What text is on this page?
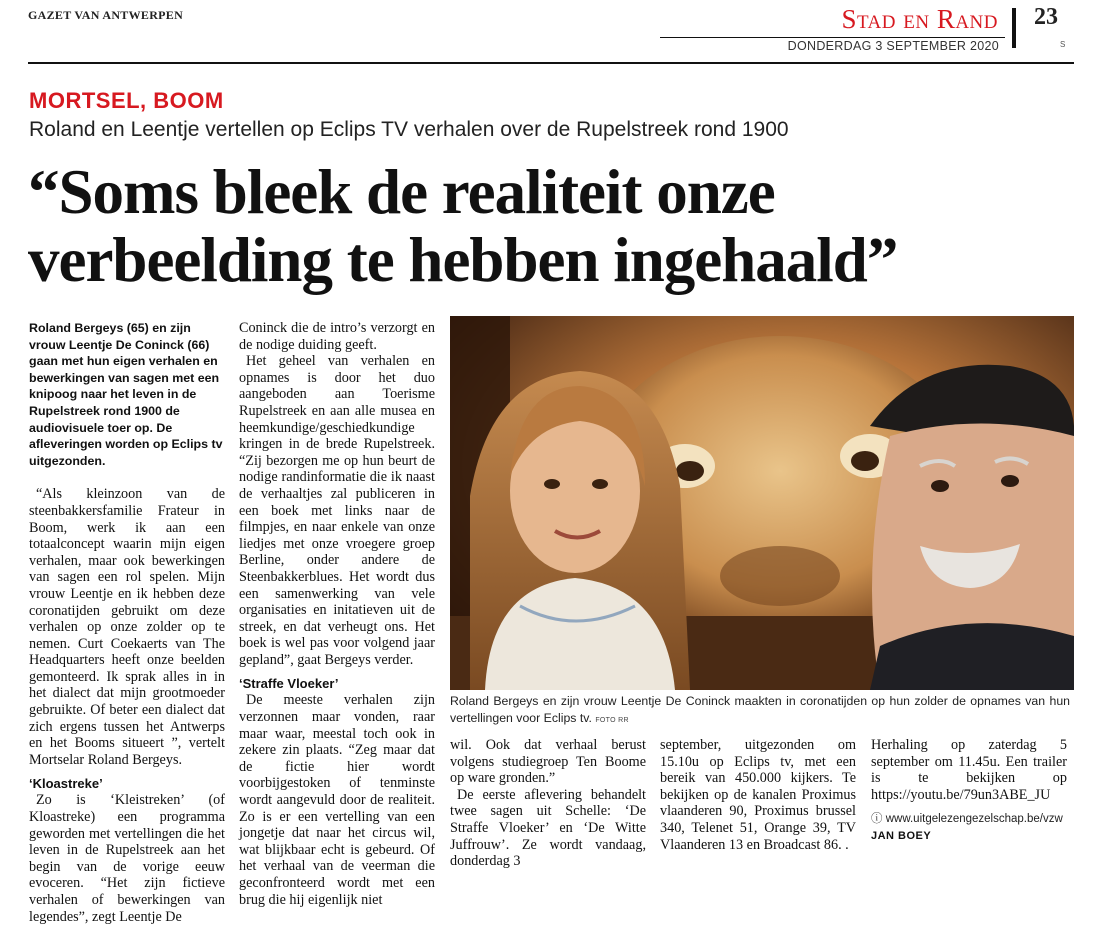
GAZET VAN ANTWERPEN	Stad en Rand 23
DONDERDAG 3 SEPTEMBER 2020	S
MORTSEL, BOOM
Roland en Leentje vertellen op Eclips TV verhalen over de Rupelstreek rond 1900
“Soms bleek de realiteit onze
verbeelding te hebben ingehaald”

Roland Bergeys (65) en zijn vrouw Leentje De Coninck (66) gaan met hun eigen verhalen en bewerkingen van sagen met een knipoog naar het leven in de Rupelstreek rond 1900 de audiovisuele toer op. De afleveringen worden op Eclips tv uitgezonden.

“Als kleinzoon van de steenbakkersfamilie Frateur in Boom, werk ik aan een totaalconcept waarin mijn eigen verhalen, maar ook bewerkingen van sagen een rol spelen. Mijn vrouw Leentje en ik hebben deze coronatijden gebruikt om deze verhalen op onze zolder op te nemen. Curt Coekaerts van The Headquarters heeft onze beelden gemonteerd. Ik sprak alles in in het dialect dat mijn grootmoeder gebruikte. Of beter een dialect dat zich ergens tussen het Antwerps en het Booms situeert ”, vertelt Mortselar Roland Bergeys.

‘Kloastreke’

Zo is ‘Kleistreken’ (of Kloastreke) een programma geworden met vertellingen die het leven in de Rupelstreek aan het begin van de vorige eeuw evoceren. “Het zijn fictieve verhalen of bewerkingen van legendes”, zegt Leentje De

Coninck die de intro’s verzorgt en de nodige duiding geeft.

Het geheel van verhalen en opnames is door het duo aangeboden aan Toerisme Rupelstreek en aan alle musea en heemkundige/geschiedkundige kringen in de brede Rupelstreek. “Zij bezorgen me op hun beurt de nodige randinformatie die ik naast de verhaaltjes zal publiceren in een boek met links naar de filmpjes, en naar enkele van onze liedjes met onze vroegere groep Berline, onder andere de Steenbakkerblues. Het wordt dus een samenwerking van vele organisaties en initatieven uit de streek, en dat verheugt ons. Het boek is wel pas voor volgend jaar gepland”, gaat Bergeys verder.

‘Straffe Vloeker’

De meeste verhalen zijn verzonnen maar vonden, raar maar waar, meestal toch ook in zekere zin plaats. “Zeg maar dat de fictie hier wordt voorbijgestoken of tenminste wordt aangevuld door de realiteit. Zo is er een vertelling van een jongetje dat naar het circus wil, wat blijkbaar echt is gebeurd. Of het verhaal van de veerman die geconfronteerd wordt met een brug die hij eigenlijk niet

Roland Bergeys en zijn vrouw Leentje De Coninck maakten in coronatijden op hun zolder de opnames van hun vertellingen voor Eclips tv. FOTO RR

wil. Ook dat verhaal berust volgens studiegroep Ten Boome op ware gronden.”

De eerste aflevering behandelt twee sagen uit Schelle: ‘De Straffe Vloeker’ en ‘De Witte Juffrouw’. Ze wordt vandaag, donderdag 3

september, uitgezonden om 15.10u op Eclips tv, met een bereik van 450.000 kijkers. Te bekijken op de kanalen Proximus vlaanderen 90, Proximus brussel 340, Telenet 51, Orange 39, TV Vlaanderen 13 en Broadcast 86. .

Herhaling op zaterdag 5 september om 11.45u. Een trailer is te bekijken op https://youtu.be/79un3ABE_JU

ⓘ www.uitgelezengezelschap.be/vzw
JAN BOEY
